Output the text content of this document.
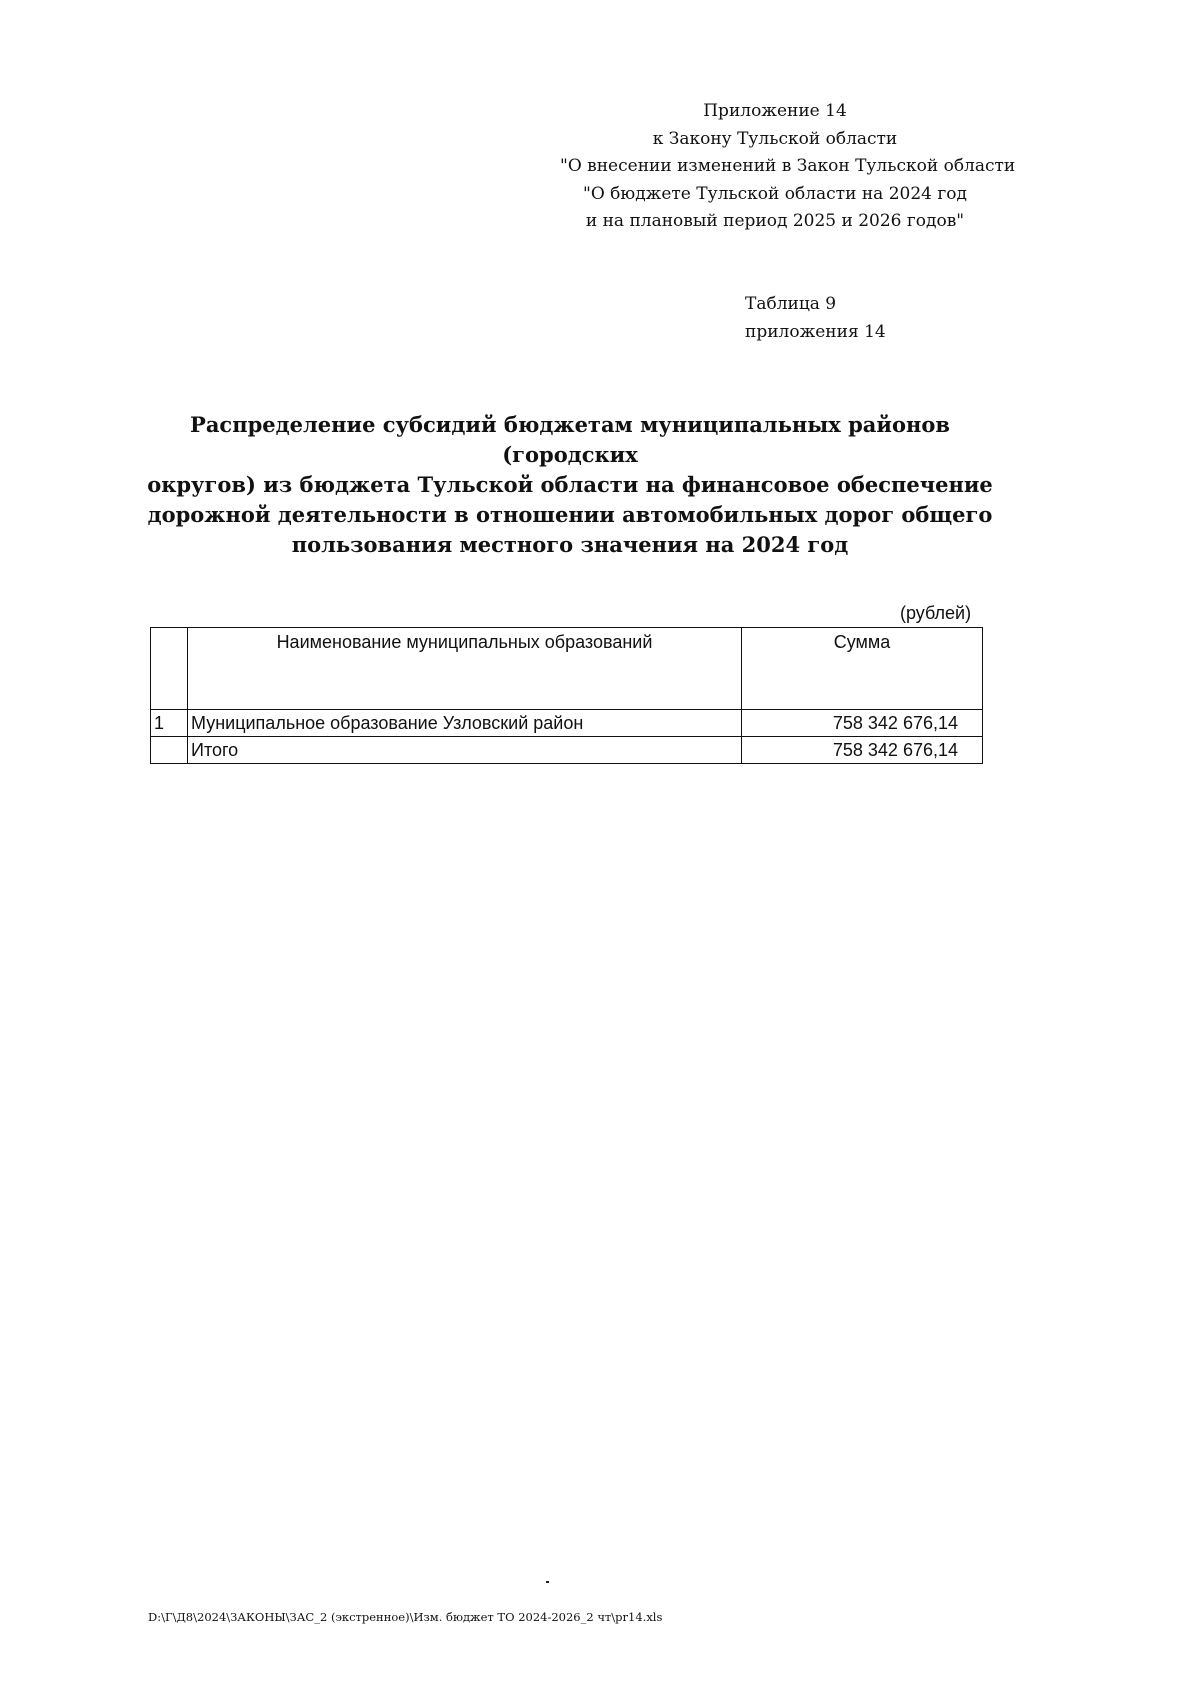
Приложение 14
к Закону Тульской области
"О внесении изменений в Закон Тульской области
"О бюджете Тульской области на 2024 год
и на плановый период 2025 и 2026 годов"
Таблица 9
приложения 14
Распределение субсидий бюджетам муниципальных районов (городских
округов) из бюджета Тульской области на финансовое обеспечение
дорожной деятельности в отношении автомобильных дорог общего
пользования местного значения на 2024 год
(рублей)
	Наименование муниципальных образований	Сумма
1	Муниципальное образование Узловский район	758 342 676,14
	Итого	758 342 676,14
D:\Г\Д8\2024\ЗАКОНЫ\ЗАС_2 (экстренное)\Изм. бюджет ТО 2024-2026_2 чт\pr14.xls
